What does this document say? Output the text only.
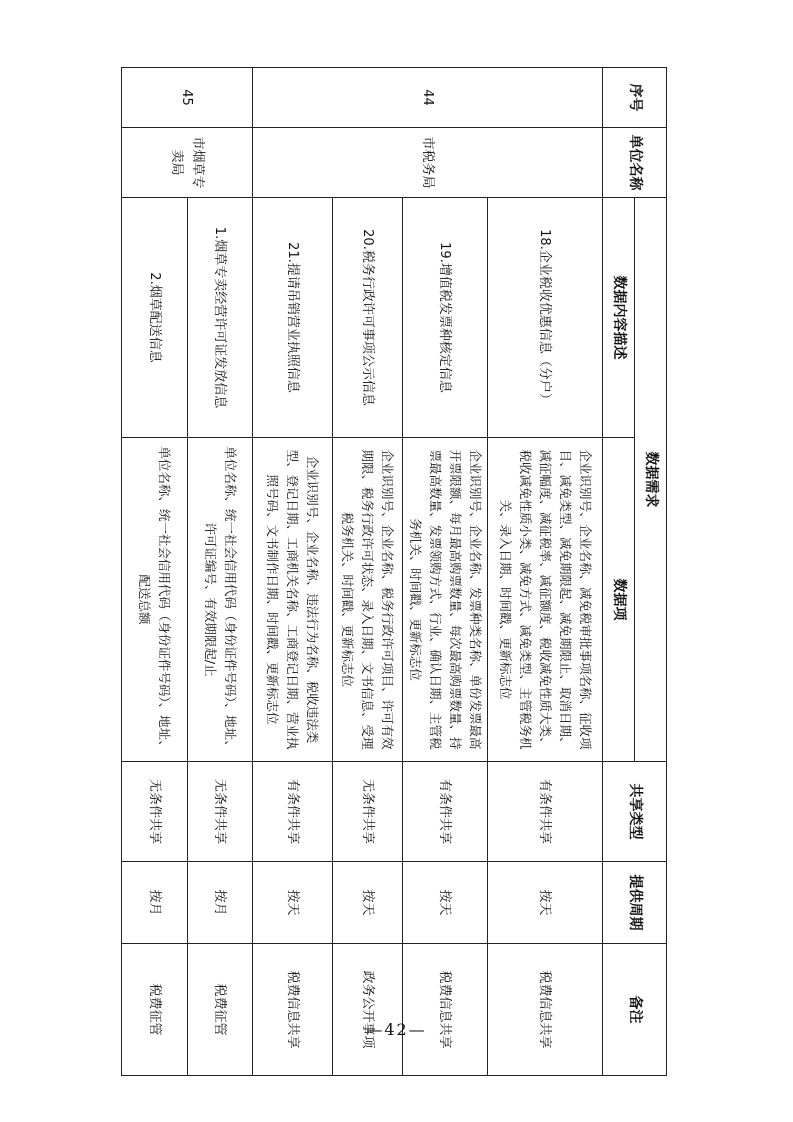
序号	单位名称	数据需求		共享类型	提供周期	备注
		数据内容描述	数据项			
44	市税务局	18.企业税收优惠信息（分户）	企业识别号、企业名称、减免税审批事项名称、征收项目、减免类型、减免期限起、减免期限止、取消日期、减征幅度、减征税率、减征额度、税收减免性质大类、税收减免性质小类、减免方式、减免类型、主管税务机关、录入日期、时间戳、更新标志位	有条件共享	按天	税费信息共享
		19.增值税发票种核定信息	企业识别号、企业名称、发票种类名称、单份发票最高开票限额、每月最高购票数量、每次最高购票数量、持票最高数量、发票领购方式、行业、确认日期、主管税务机关、时间戳、更新标志位	有条件共享	按天	税费信息共享
		20.税务行政许可事项公示信息	企业识别号、企业名称、税务行政许可项目、许可有效期限、税务行政许可状态、录入日期、文书信息、受理税务机关、时间戳、更新标志位	无条件共享	按天	政务公开事项
		21.提请吊销营业执照信息	企业识别号、企业名称、违法行为名称、税收违法类型、登记日期、工商机关名称、工商登记日期、营业执照号码、文书制作日期、时间戳、更新标志位	有条件共享	按天	税费信息共享
45	市烟草专卖局	1.烟草专卖经营许可证发放信息	单位名称、统一社会信用代码（身份证件号码）、地址、许可证编号、有效期限起/止	无条件共享	按月	税费征管
		2.烟草配送信息	单位名称、统一社会信用代码（身份证件号码）、地址、配送总额	无条件共享	按月	税费征管	—42—
